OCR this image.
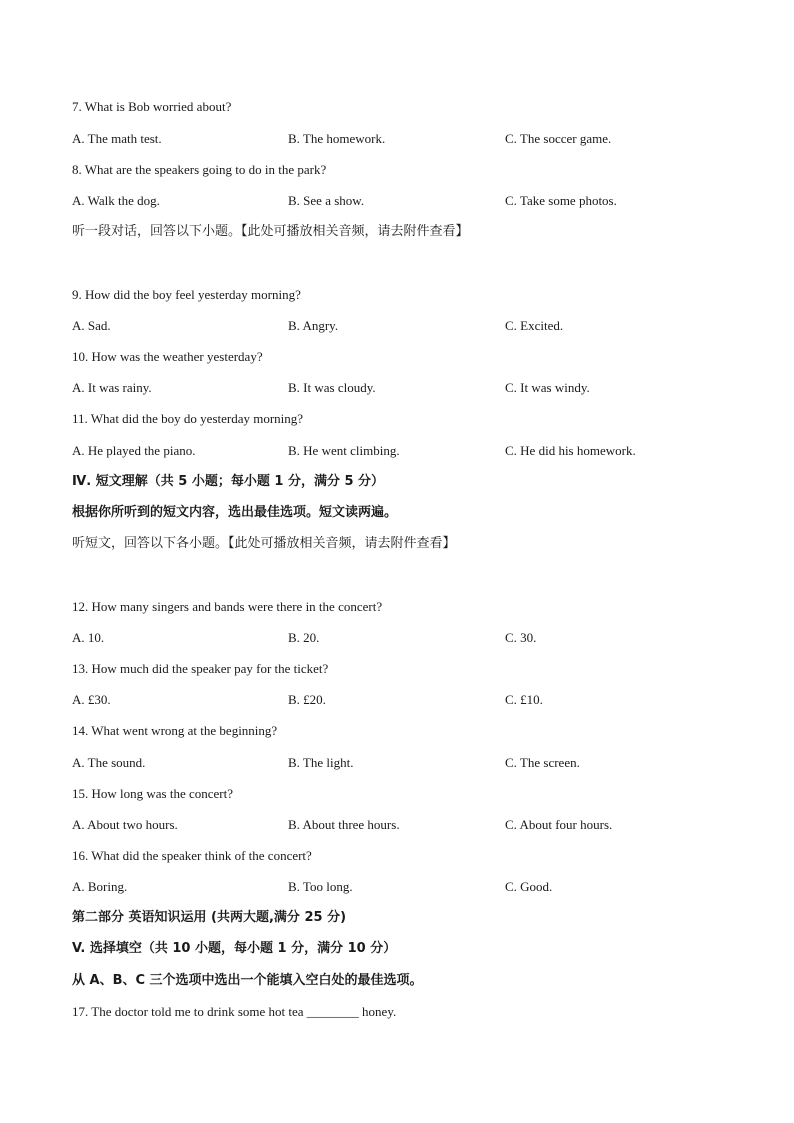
7. What is Bob worried about?
A. The math test.	B. The homework.	C. The soccer game.
8. What are the speakers going to do in the park?
A. Walk the dog.	B. See a show.	C. Take some photos.
听一段对话，回答以下小题。【此处可播放相关音频，请去附件查看】
9. How did the boy feel yesterday morning?
A. Sad.	B. Angry.	C. Excited.
10. How was the weather yesterday?
A. It was rainy.	B. It was cloudy.	C. It was windy.
11. What did the boy do yesterday morning?
A. He played the piano.	B. He went climbing.	C. He did his homework.
Ⅳ. 短文理解（共 5 小题；每小题 1 分，满分 5 分）
根据你所听到的短文内容，选出最佳选项。短文读两遍。
听短文，回答以下各小题。【此处可播放相关音频，请去附件查看】
12. How many singers and bands were there in the concert?
A. 10.	B. 20.	C. 30.
13. How much did the speaker pay for the ticket?
A. £30.	B. £20.	C. £10.
14. What went wrong at the beginning?
A. The sound.	B. The light.	C. The screen.
15. How long was the concert?
A. About two hours.	B. About three hours.	C. About four hours.
16. What did the speaker think of the concert?
A. Boring.	B. Too long.	C. Good.
第二部分 英语知识运用 (共两大题,满分 25 分)
V. 选择填空（共 10 小题，每小题 1 分，满分 10 分）
从 A、B、C 三个选项中选出一个能填入空白处的最佳选项。
17. The doctor told me to drink some hot tea ________ honey.
